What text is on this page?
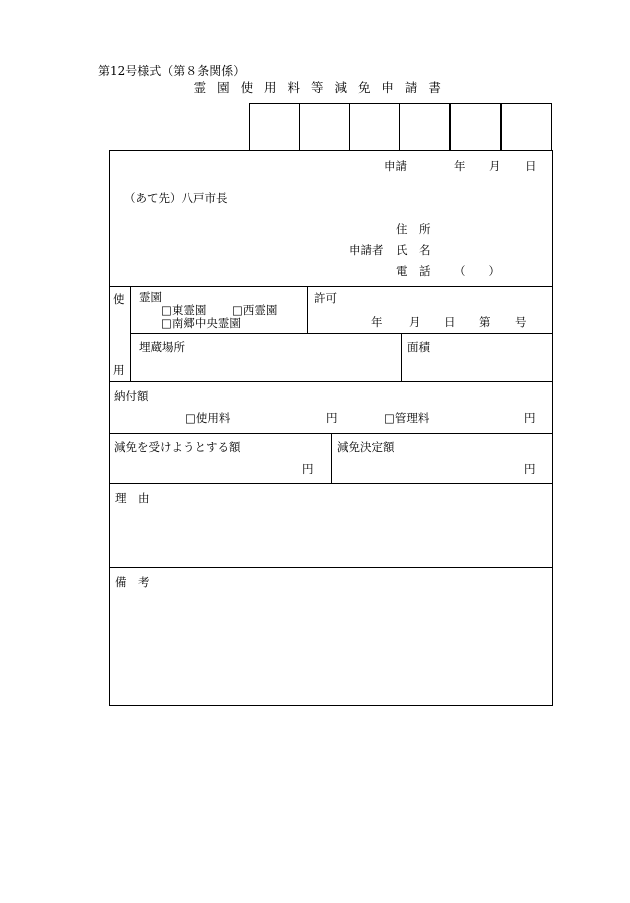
第12号様式（第８条関係）
霊 園 使 用 料 等 減 免 申 請 書
申請	年 月 日
（あて先）八戸市長
住　所
申請者 氏　名
電　話 （　　）
使
用
霊園
□東霊園 □西霊園
□南郷中央霊園
許可
年 月 日 第 号
埋蔵場所	面積
納付額
□使用料	円	□管理料	円
減免を受けようとする額
円
減免決定額
円
理　由
備　考
